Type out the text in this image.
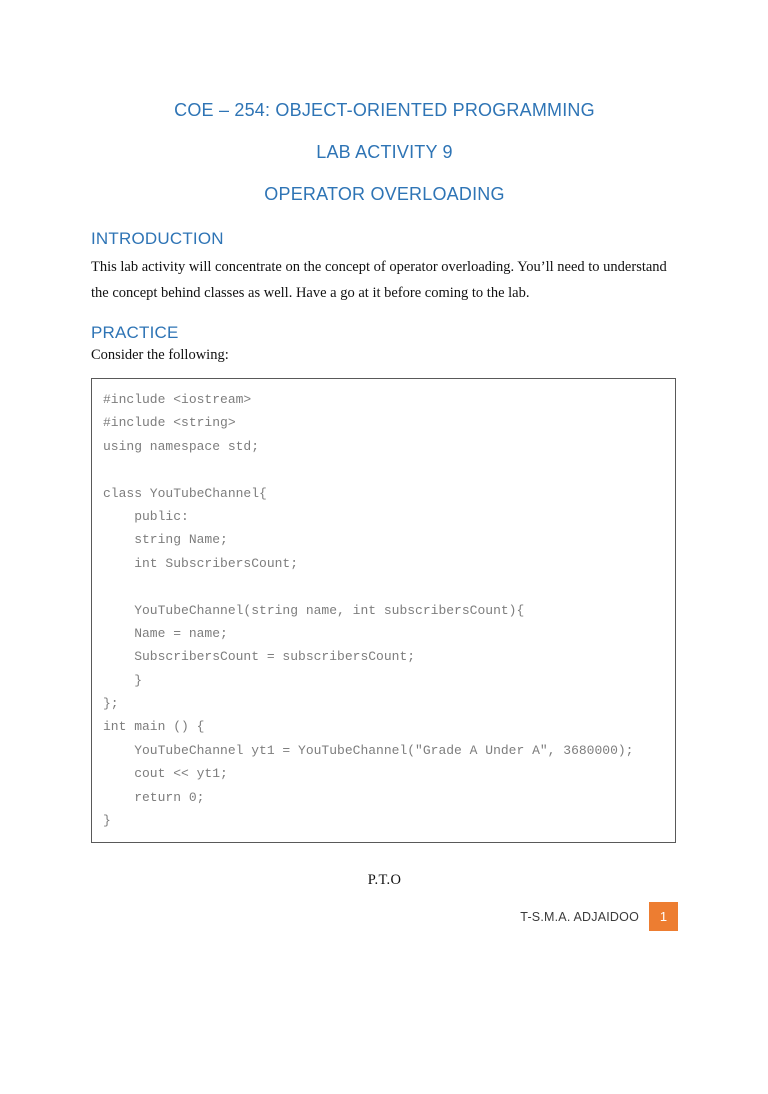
COE – 254: OBJECT-ORIENTED PROGRAMMING
LAB ACTIVITY 9
OPERATOR OVERLOADING
INTRODUCTION

This lab activity will concentrate on the concept of operator overloading. You’ll need to understand the concept behind classes as well. Have a go at it before coming to the lab.

PRACTICE

Consider the following:

#include <iostream>
#include <string>
using namespace std;
class YouTubeChannel{
public:
string Name;
int SubscribersCount;
YouTubeChannel(string name, int subscribersCount){
Name = name;
SubscribersCount = subscribersCount;
}
};
int main () {
YouTubeChannel yt1 = YouTubeChannel("Grade A Under A", 3680000);
cout << yt1;
return 0;
}
P.T.O
T-S.M.A. ADJAIDOO	1
